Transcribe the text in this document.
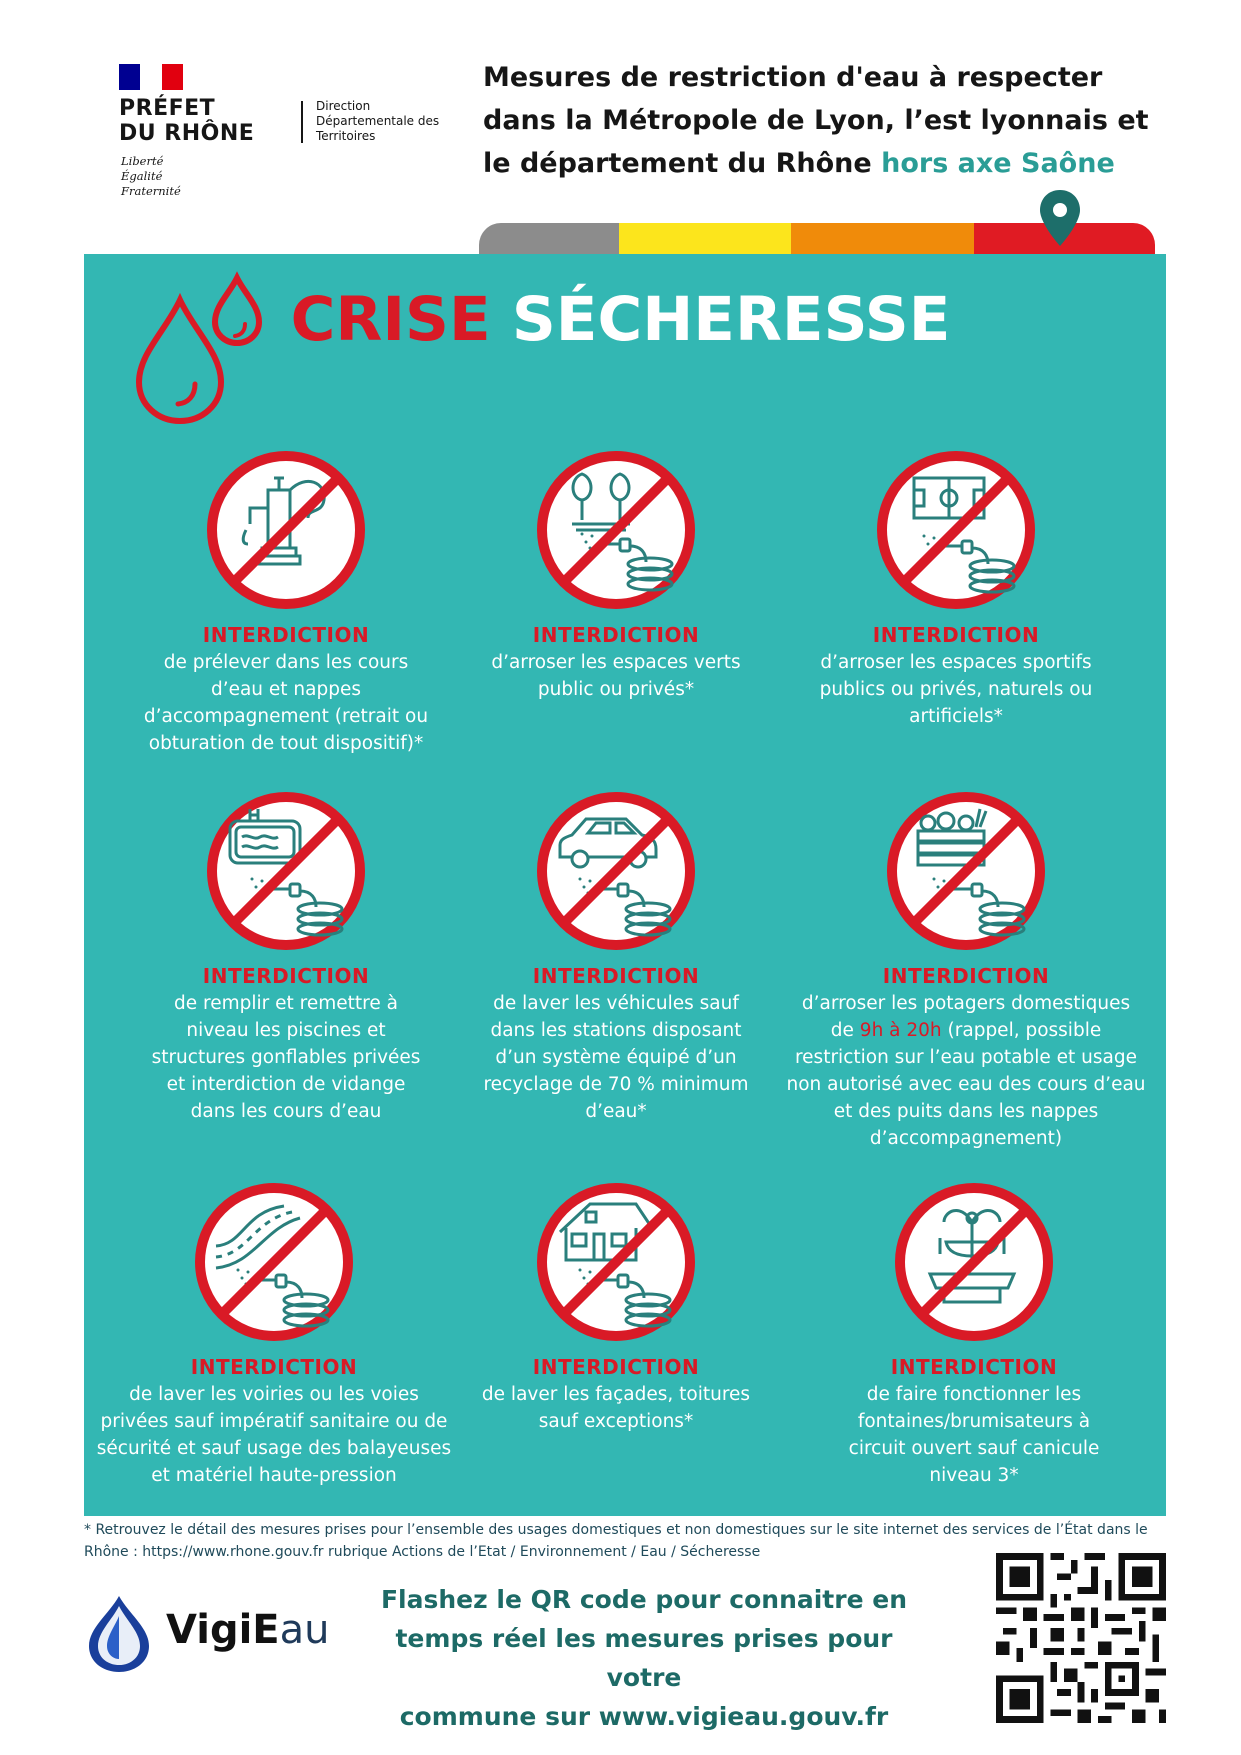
PRÉFET
DU RHÔNE
Liberté
Égalité
Fraternité
Direction
Départementale des
Territoires
Mesures de restriction d'eau à respecter dans la Métropole de Lyon, l’est lyonnais et le département du Rhône hors axe Saône
CRISE SÉCHERESSE
INTERDICTION
de prélever dans les cours
d’eau et nappes
d’accompagnement (retrait ou
obturation de tout dispositif)*
INTERDICTION
d’arroser les espaces verts
public ou privés*
INTERDICTION
d’arroser les espaces sportifs
publics ou privés, naturels ou
artificiels*
INTERDICTION
de remplir et remettre à
niveau les piscines et
structures gonflables privées
et interdiction de vidange
dans les cours d’eau
INTERDICTION
de laver les véhicules sauf
dans les stations disposant
d’un système équipé d’un
recyclage de 70 % minimum
d’eau*
INTERDICTION
d’arroser les potagers domestiques
de 9h à 20h (rappel, possible
restriction sur l’eau potable et usage
non autorisé avec eau des cours d’eau
et des puits dans les nappes
d’accompagnement)
INTERDICTION
de laver les voiries ou les voies
privées sauf impératif sanitaire ou de
sécurité et sauf usage des balayeuses
et matériel haute-pression
INTERDICTION
de laver les façades, toitures
sauf exceptions*
INTERDICTION
de faire fonctionner les
fontaines/brumisateurs à
circuit ouvert sauf canicule
niveau 3*
* Retrouvez le détail des mesures prises pour l’ensemble des usages domestiques et non domestiques sur le site internet des services de l’État dans le Rhône : https://www.rhone.gouv.fr rubrique Actions de l’Etat / Environnement / Eau / Sécheresse
VigiEau
Flashez le QR code pour connaitre en
temps réel les mesures prises pour votre
commune sur www.vigieau.gouv.fr
